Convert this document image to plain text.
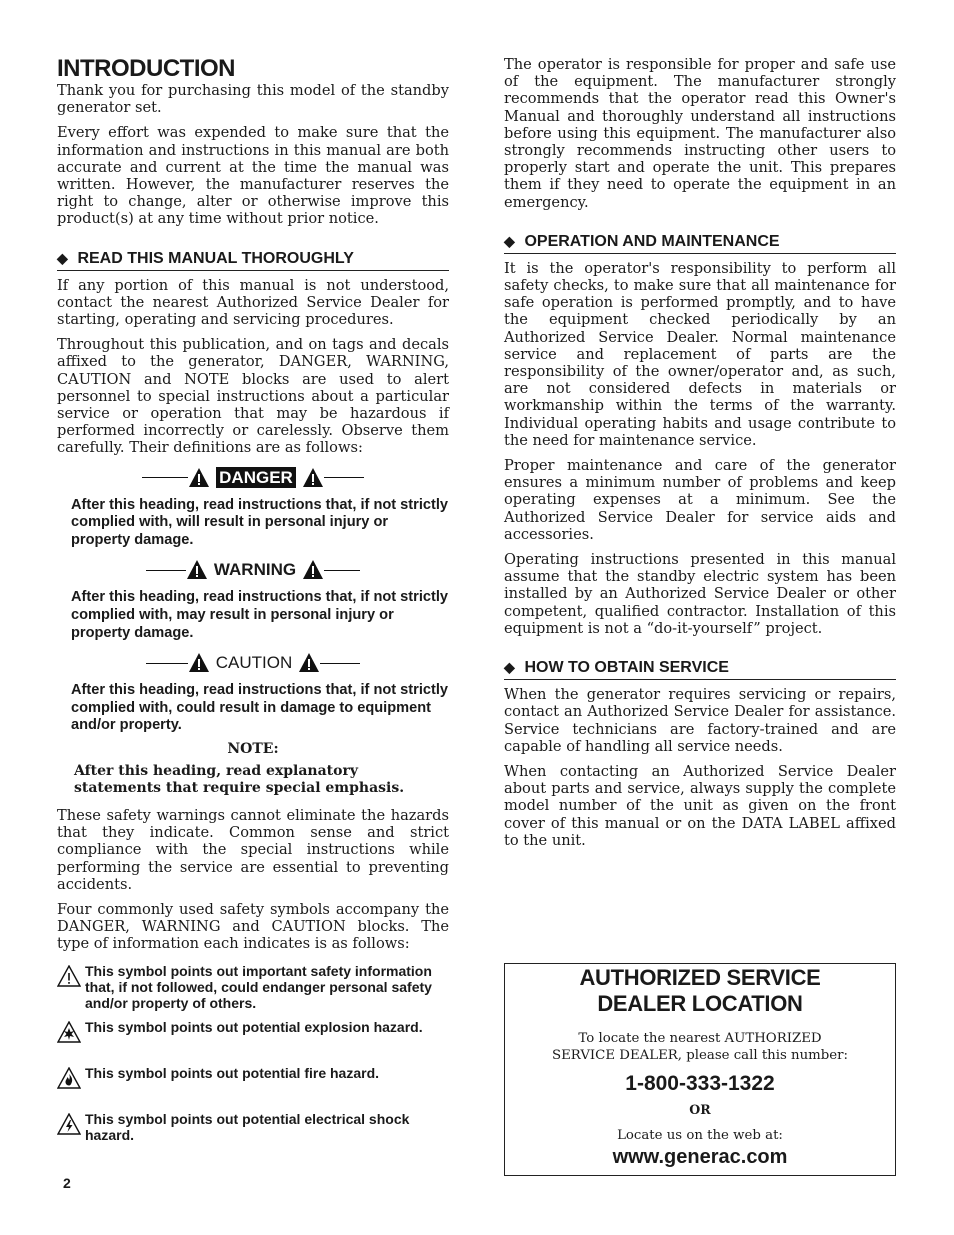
INTRODUCTION

Thank you for purchasing this model of the standby generator set.

Every effort was expended to make sure that the information and instructions in this manual are both accurate and current at the time the manual was written. However, the manufacturer reserves the right to change, alter or otherwise improve this product(s) at any time without prior notice.

◆ READ THIS MANUAL THOROUGHLY

If any portion of this manual is not understood, contact the nearest Authorized Service Dealer for starting, operating and servicing procedures.

Throughout this publication, and on tags and decals affixed to the generator, DANGER, WARNING, CAUTION and NOTE blocks are used to alert personnel to special instructions about a particular service or operation that may be hazardous if performed incorrectly or carelessly. Observe them carefully. Their definitions are as follows:

DANGER
After this heading, read instructions that, if not strictly complied with, will result in personal injury or property damage.
WARNING
After this heading, read instructions that, if not strictly complied with, may result in personal injury or property damage.
CAUTION
After this heading, read instructions that, if not strictly complied with, could result in damage to equipment and/or property.
NOTE:
After this heading, read explanatory statements that require special emphasis.

These safety warnings cannot eliminate the hazards that they indicate. Common sense and strict compliance with the special instructions while performing the service are essential to preventing accidents.

Four commonly used safety symbols accompany the DANGER, WARNING and CAUTION blocks. The type of information each indicates is as follows:

This symbol points out important safety information that, if not followed, could endanger personal safety and/or property of others.
This symbol points out potential explosion hazard.
This symbol points out potential fire hazard.
This symbol points out potential electrical shock hazard.

The operator is responsible for proper and safe use of the equipment. The manufacturer strongly recommends that the operator read this Owner's Manual and thoroughly understand all instructions before using this equipment. The manufacturer also strongly recommends instructing other users to properly start and operate the unit. This prepares them if they need to operate the equipment in an emergency.

◆ OPERATION AND MAINTENANCE

It is the operator's responsibility to perform all safety checks, to make sure that all maintenance for safe operation is performed promptly, and to have the equipment checked periodically by an Authorized Service Dealer. Normal maintenance service and replacement of parts are the responsibility of the owner/operator and, as such, are not considered defects in materials or workmanship within the terms of the warranty. Individual operating habits and usage contribute to the need for maintenance service.

Proper maintenance and care of the generator ensures a minimum number of problems and keep operating expenses at a minimum. See the Authorized Service Dealer for service aids and accessories.

Operating instructions presented in this manual assume that the standby electric system has been installed by an Authorized Service Dealer or other competent, qualified contractor. Installation of this equipment is not a “do-it-yourself” project.

◆ HOW TO OBTAIN SERVICE

When the generator requires servicing or repairs, contact an Authorized Service Dealer for assistance. Service technicians are factory-trained and are capable of handling all service needs.

When contacting an Authorized Service Dealer about parts and service, always supply the complete model number of the unit as given on the front cover of this manual or on the DATA LABEL affixed to the unit.

AUTHORIZED SERVICE
DEALER LOCATION
To locate the nearest AUTHORIZED
SERVICE DEALER, please call this number:
1-800-333-1322
OR
Locate us on the web at:
www.generac.com
2
